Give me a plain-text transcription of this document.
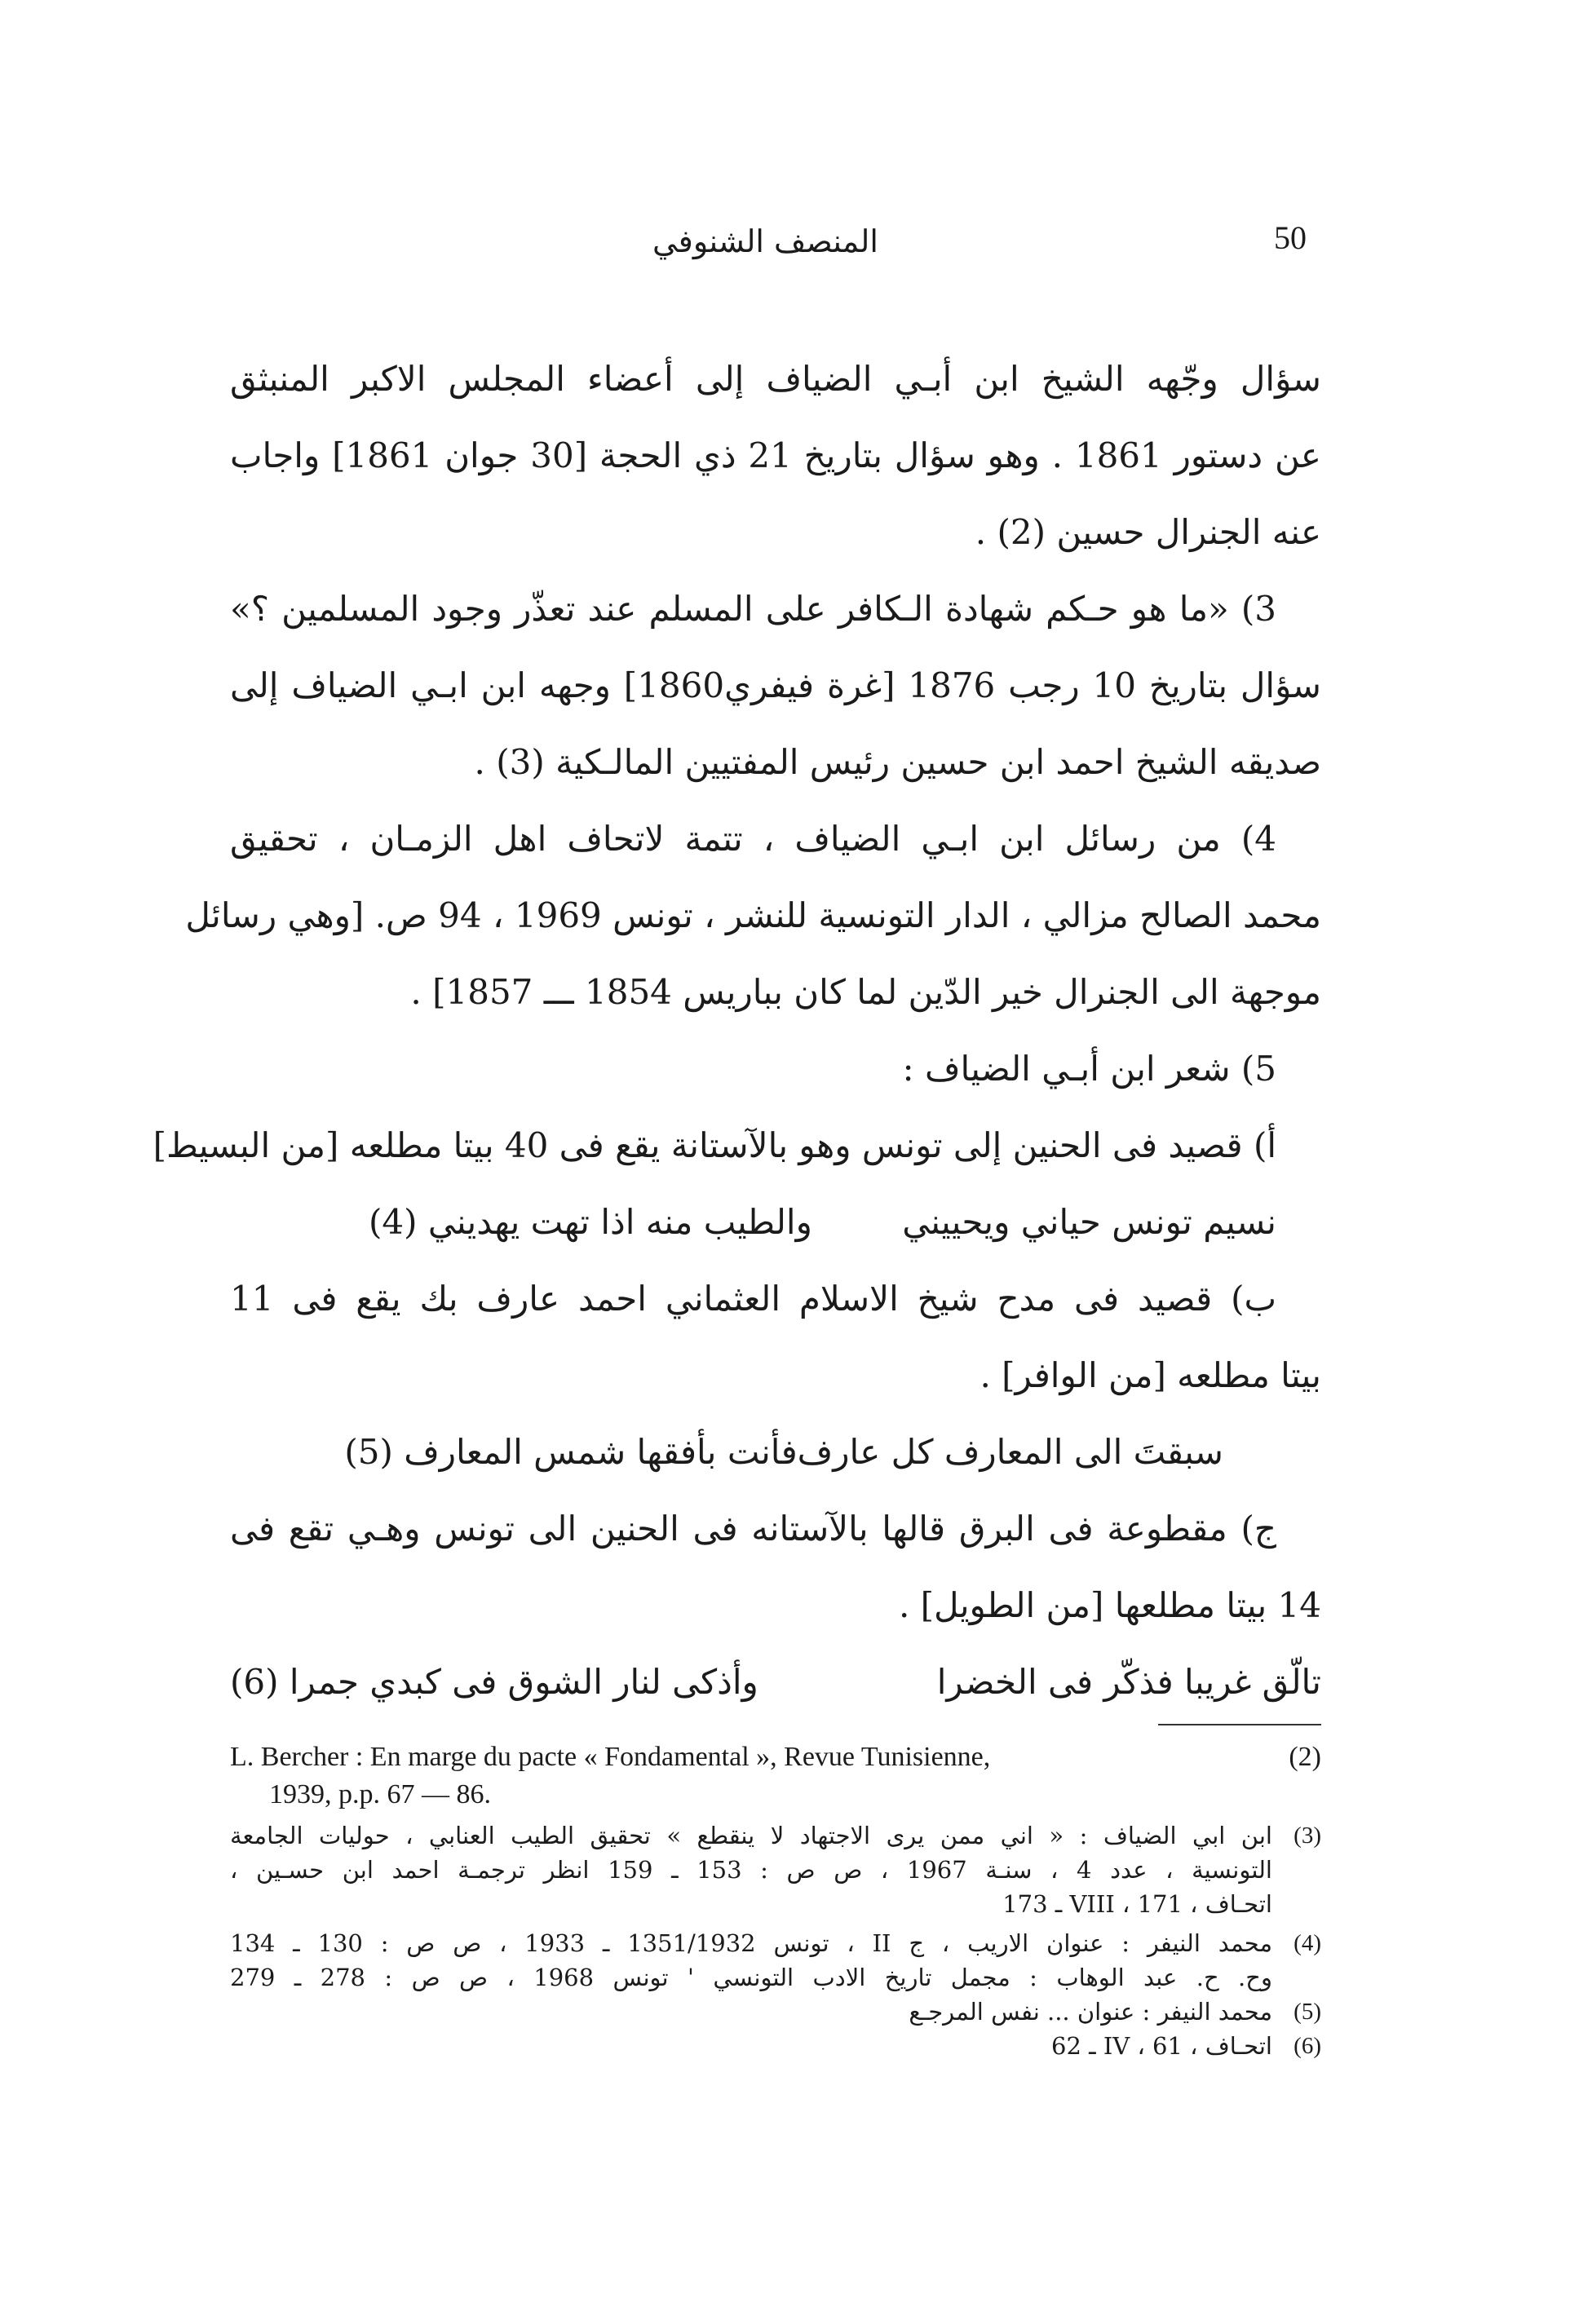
50
المنصف الشنوفي
سؤال وجّهه الشيخ ابن أبـي الضياف إلى أعضاء المجلس الاكبر المنبثق
عن دستور 1861 . وهو سؤال بتاريخ 21 ذي الحجة [30 جوان 1861] واجاب
عنه الجنرال حسين (2) .
3) «ما هو حـكم شهادة الـكافر على المسلم عند تعذّر وجود المسلمين ؟»
سؤال بتاريخ 10 رجب 1876 [غرة فيفري1860] وجهه ابن ابـي الضياف إلى
صديقه الشيخ احمد ابن حسين رئيس المفتيين المالـكية (3) .
4) من رسائل ابن ابـي الضياف ، تتمة لاتحاف اهل الزمـان ، تحقيق
محمد الصالح مزالي ، الدار التونسية للنشر ، تونس 1969 ، 94 ص. [وهي رسائل
موجهة الى الجنرال خير الدّين لما كان بباريس 1854 ـــ 1857] .
5) شعر ابن أبـي الضياف :
أ) قصيد فى الحنين إلى تونس وهو بالآستانة يقع فى 40 بيتا مطلعه [من البسيط]
نسيم تونس حياني ويحييني
والطيب منه اذا تهت يهديني (4)
ب) قصيد فى مدح شيخ الاسلام العثماني احمد عارف بك يقع فى 11
بيتا مطلعه [من الوافر] .
سبقتَ الى المعارف كل عارف
فأنت بأفقها شمس المعارف (5)
ج) مقطوعة فى البرق قالها بالآستانه فى الحنين الى تونس وهـي تقع فى
14 بيتا مطلعها [من الطويل] .
تالّق غريبا فذكّر فى الخضرا
وأذكى لنار الشوق فى كبدي جمرا (6)
(2)
L. Bercher : En marge du pacte « Fondamental », Revue Tunisienne,
1939, p.p. 67 — 86.
(3)
ابن ابي الضياف : « اني ممن يرى الاجتهاد لا ينقطع » تحقيق الطيب العنابي ، حوليات الجامعة
التونسية ، عدد 4 ، سنـة 1967 ، ص ص : 153 ـ 159 انظر ترجمـة احمد ابن حسـين ،
اتحـاف ، VIII ، 171 ـ 173
(4)
محمد النيفر : عنوان الاريب ، ج II ، تونس 1351/1932 ـ 1933 ، ص ص : 130 ـ 134
وح. ح. عبد الوهاب : مجمل تاريخ الادب التونسي ' تونس 1968 ، ص ص : 278 ـ 279
(5)
محمد النيفر : عنوان ... نفس المرجـع
(6)
اتحـاف ، IV ، 61 ـ 62
